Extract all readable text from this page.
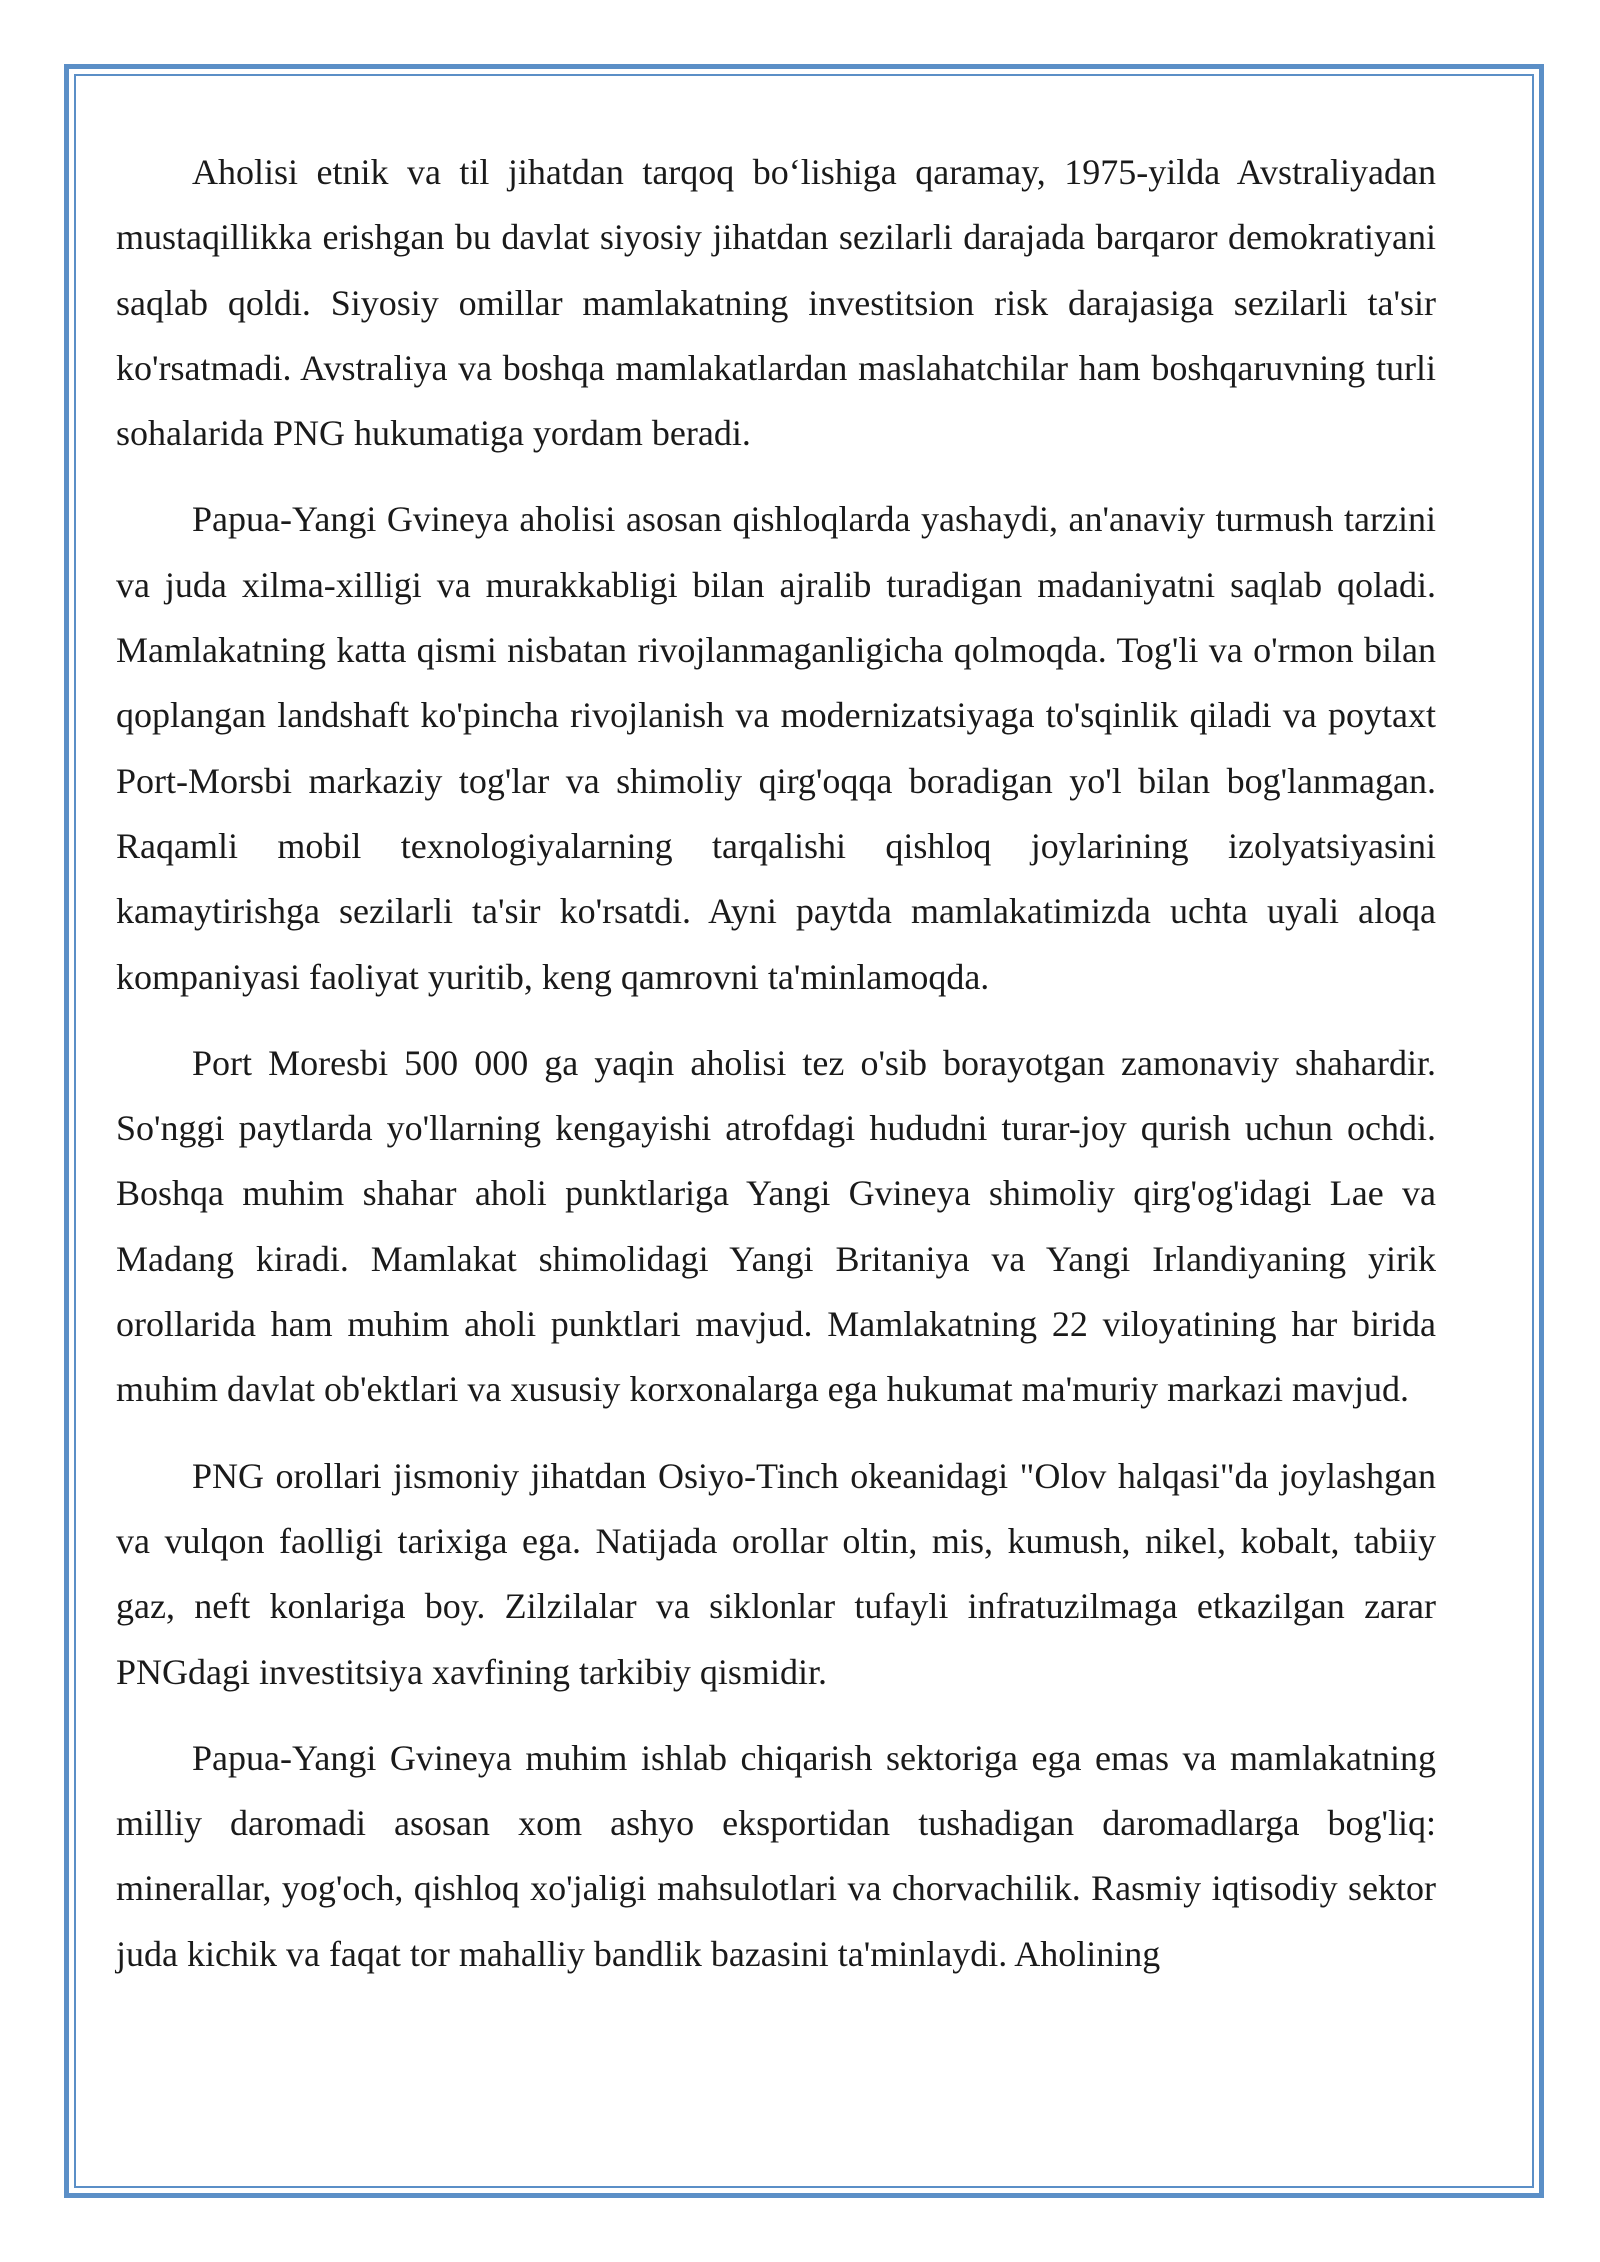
Aholisi etnik va til jihatdan tarqoq bo‘lishiga qaramay, 1975-yilda Avstraliyadan mustaqillikka erishgan bu davlat siyosiy jihatdan sezilarli darajada barqaror demokratiyani saqlab qoldi. Siyosiy omillar mamlakatning investitsion risk darajasiga sezilarli ta'sir ko'rsatmadi. Avstraliya va boshqa mamlakatlardan maslahatchilar ham boshqaruvning turli sohalarida PNG hukumatiga yordam beradi.

Papua-Yangi Gvineya aholisi asosan qishloqlarda yashaydi, an'anaviy turmush tarzini va juda xilma-xilligi va murakkabligi bilan ajralib turadigan madaniyatni saqlab qoladi. Mamlakatning katta qismi nisbatan rivojlanmaganligicha qolmoqda. Tog'li va o'rmon bilan qoplangan landshaft ko'pincha rivojlanish va modernizatsiyaga to'sqinlik qiladi va poytaxt Port-Morsbi markaziy tog'lar va shimoliy qirg'oqqa boradigan yo'l bilan bog'lanmagan. Raqamli mobil texnologiyalarning tarqalishi qishloq joylarining izolyatsiyasini kamaytirishga sezilarli ta'sir ko'rsatdi. Ayni paytda mamlakatimizda uchta uyali aloqa kompaniyasi faoliyat yuritib, keng qamrovni ta'minlamoqda.

Port Moresbi 500 000 ga yaqin aholisi tez o'sib borayotgan zamonaviy shahardir. So'nggi paytlarda yo'llarning kengayishi atrofdagi hududni turar-joy qurish uchun ochdi. Boshqa muhim shahar aholi punktlariga Yangi Gvineya shimoliy qirg'og'idagi Lae va Madang kiradi. Mamlakat shimolidagi Yangi Britaniya va Yangi Irlandiyaning yirik orollarida ham muhim aholi punktlari mavjud. Mamlakatning 22 viloyatining har birida muhim davlat ob'ektlari va xususiy korxonalarga ega hukumat ma'muriy markazi mavjud.

PNG orollari jismoniy jihatdan Osiyo-Tinch okeanidagi "Olov halqasi"da joylashgan va vulqon faolligi tarixiga ega. Natijada orollar oltin, mis, kumush, nikel, kobalt, tabiiy gaz, neft konlariga boy. Zilzilalar va siklonlar tufayli infratuzilmaga etkazilgan zarar PNGdagi investitsiya xavfining tarkibiy qismidir.

Papua-Yangi Gvineya muhim ishlab chiqarish sektoriga ega emas va mamlakatning milliy daromadi asosan xom ashyo eksportidan tushadigan daromadlarga bog'liq: minerallar, yog'och, qishloq xo'jaligi mahsulotlari va chorvachilik. Rasmiy iqtisodiy sektor juda kichik va faqat tor mahalliy bandlik bazasini ta'minlaydi. Aholining
